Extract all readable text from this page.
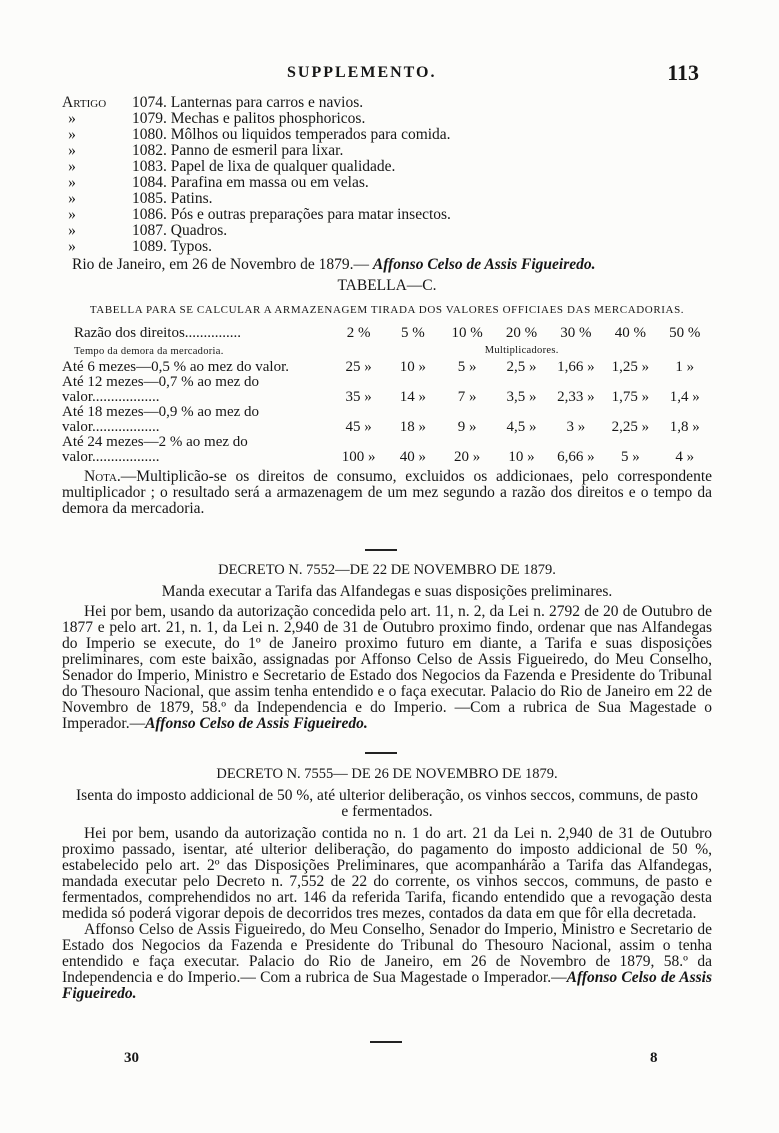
SUPPLEMENTO.	113
Artigo 1074. Lanternas para carros e navios.
»	1079. Mechas e palitos phosphoricos.
»	1080. Môlhos ou liquidos temperados para comida.
»	1082. Panno de esmeril para lixar.
»	1083. Papel de lixa de qualquer qualidade.
»	1084. Parafina em massa ou em velas.
»	1085. Patins.
»	1086. Pós e outras preparações para matar insectos.
»	1087. Quadros.
»	1089. Typos.
Rio de Janeiro, em 26 de Novembro de 1879.— Affonso Celso de Assis Figueiredo.
TABELLA—C.
TABELLA PARA SE CALCULAR A ARMAZENAGEM TIRADA DOS VALORES OFFICIAES DAS MERCADORIAS.
Razão dos direitos...............	2 %	5 %	10 %	20 %	30 %	40 %	50 %
Tempo da demora da mercadoria.	Multiplicadores.						
Até 6 mezes—0,5 % ao mez do valor.	25 »	10 »	5 »	2,5 »	1,66 »	1,25 »	1 »
Até 12 mezes—0,7 % ao mez do valor..................	35 »	14 »	7 »	3,5 »	2,33 »	1,75 »	1,4 »
Até 18 mezes—0,9 % ao mez do valor..................	45 »	18 »	9 »	4,5 »	3 »	2,25 »	1,8 »
Até 24 mezes—2 % ao mez do valor..................	100 »	40 »	20 »	10 »	6,66 »	5 »	4 »
Nota.—Multiplicão-se os direitos de consumo, excluidos os addicionaes, pelo correspondente multiplicador ; o resultado será a armazenagem de um mez segundo a razão dos direitos e o tempo da demora da mercadoria.
DECRETO N. 7552—DE 22 DE NOVEMBRO DE 1879.
Manda executar a Tarifa das Alfandegas e suas disposições preliminares.
Hei por bem, usando da autorização concedida pelo art. 11, n. 2, da Lei n. 2792 de 20 de Outubro de 1877 e pelo art. 21, n. 1, da Lei n. 2,940 de 31 de Outubro proximo findo, ordenar que nas Alfandegas do Imperio se execute, do 1º de Janeiro proximo futuro em diante, a Tarifa e suas disposições preliminares, com este baixão, assignadas por Affonso Celso de Assis Figueiredo, do Meu Conselho, Senador do Imperio, Ministro e Secretario de Estado dos Negocios da Fazenda e Presidente do Tribunal do Thesouro Nacional, que assim tenha entendido e o faça executar. Palacio do Rio de Janeiro em 22 de Novembro de 1879, 58.º da Independencia e do Imperio. —Com a rubrica de Sua Magestade o Imperador.—Affonso Celso de Assis Figueiredo.
DECRETO N. 7555— DE 26 DE NOVEMBRO DE 1879.
Isenta do imposto addicional de 50 %, até ulterior deliberação, os vinhos seccos, communs, de pasto e fermentados.
Hei por bem, usando da autorização contida no n. 1 do art. 21 da Lei n. 2,940 de 31 de Outubro proximo passado, isentar, até ulterior deliberação, do pagamento do imposto addicional de 50 %, estabelecido pelo art. 2º das Disposições Preliminares, que acompanhárão a Tarifa das Alfandegas, mandada executar pelo Decreto n. 7,552 de 22 do corrente, os vinhos seccos, communs, de pasto e fermentados, comprehendidos no art. 146 da referida Tarifa, ficando entendido que a revogação desta medida só poderá vigorar depois de decorridos tres mezes, contados da data em que fôr ella decretada.
Affonso Celso de Assis Figueiredo, do Meu Conselho, Senador do Imperio, Ministro e Secretario de Estado dos Negocios da Fazenda e Presidente do Tribunal do Thesouro Nacional, assim o tenha entendido e faça executar. Palacio do Rio de Janeiro, em 26 de Novembro de 1879, 58.º da Independencia e do Imperio.— Com a rubrica de Sua Magestade o Imperador.—Affonso Celso de Assis Figueiredo.
30	8
